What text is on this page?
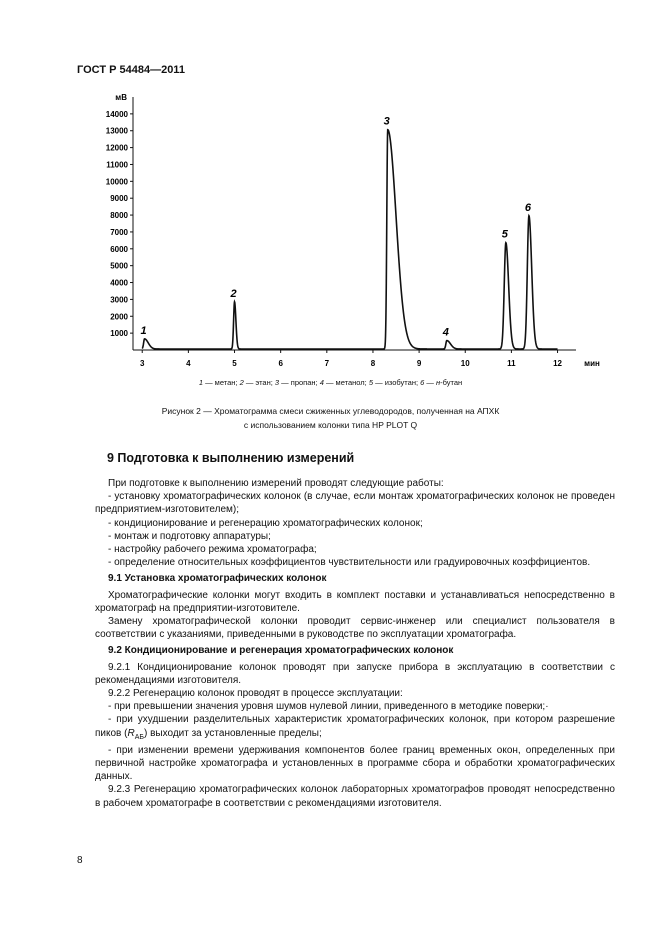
ГОСТ Р 54484—2011
1000
2000
3000
4000
5000
6000
7000
8000
9000
10000
11000
12000
13000
14000
3	4	5	6	7	8	9	10	11	12
мВ
мин
1
2
3
4
5
6
1 — метан; 2 — этан; 3 — пропан; 4 — метанол; 5 — изобутан; 6 — н-бутан
Рисунок 2 — Хроматограмма смеси сжиженных углеводородов, полученная на АПХК
с использованием колонки типа HP PLOT Q
9 Подготовка к выполнению измерений

При подготовке к выполнению измерений проводят следующие работы:

- установку хроматографических колонок (в случае, если монтаж хроматографических колонок не проведен предприятием-изготовителем);

- кондиционирование и регенерацию хроматографических колонок;

- монтаж и подготовку аппаратуры;

- настройку рабочего режима хроматографа;

- определение относительных коэффициентов чувствительности или градуировочных коэффициентов.

9.1 Установка хроматографических колонок

Хроматографические колонки могут входить в комплект поставки и устанавливаться непосредственно в хроматограф на предприятии-изготовителе.

Замену хроматографической колонки проводит сервис-инженер или специалист пользователя в соответствии с указаниями, приведенными в руководстве по эксплуатации хроматографа.

9.2 Кондиционирование и регенерация хроматографических колонок

9.2.1 Кондиционирование колонок проводят при запуске прибора в эксплуатацию в соответствии с рекомендациями изготовителя.

9.2.2 Регенерацию колонок проводят в процессе эксплуатации:

- при превышении значения уровня шумов нулевой линии, приведенного в методике поверки;·

- при ухудшении разделительных характеристик хроматографических колонок, при котором разрешение пиков $(R_{АБ})$ выходит за установленные пределы;

- при изменении времени удерживания компонентов более границ временных окон, определенных при первичной настройке хроматографа и установленных в программе сбора и обработки хроматографических данных.

9.2.3 Регенерацию хроматографических колонок лабораторных хроматографов проводят непосредственно в рабочем хроматографе в соответствии с рекомендациями изготовителя.

8
